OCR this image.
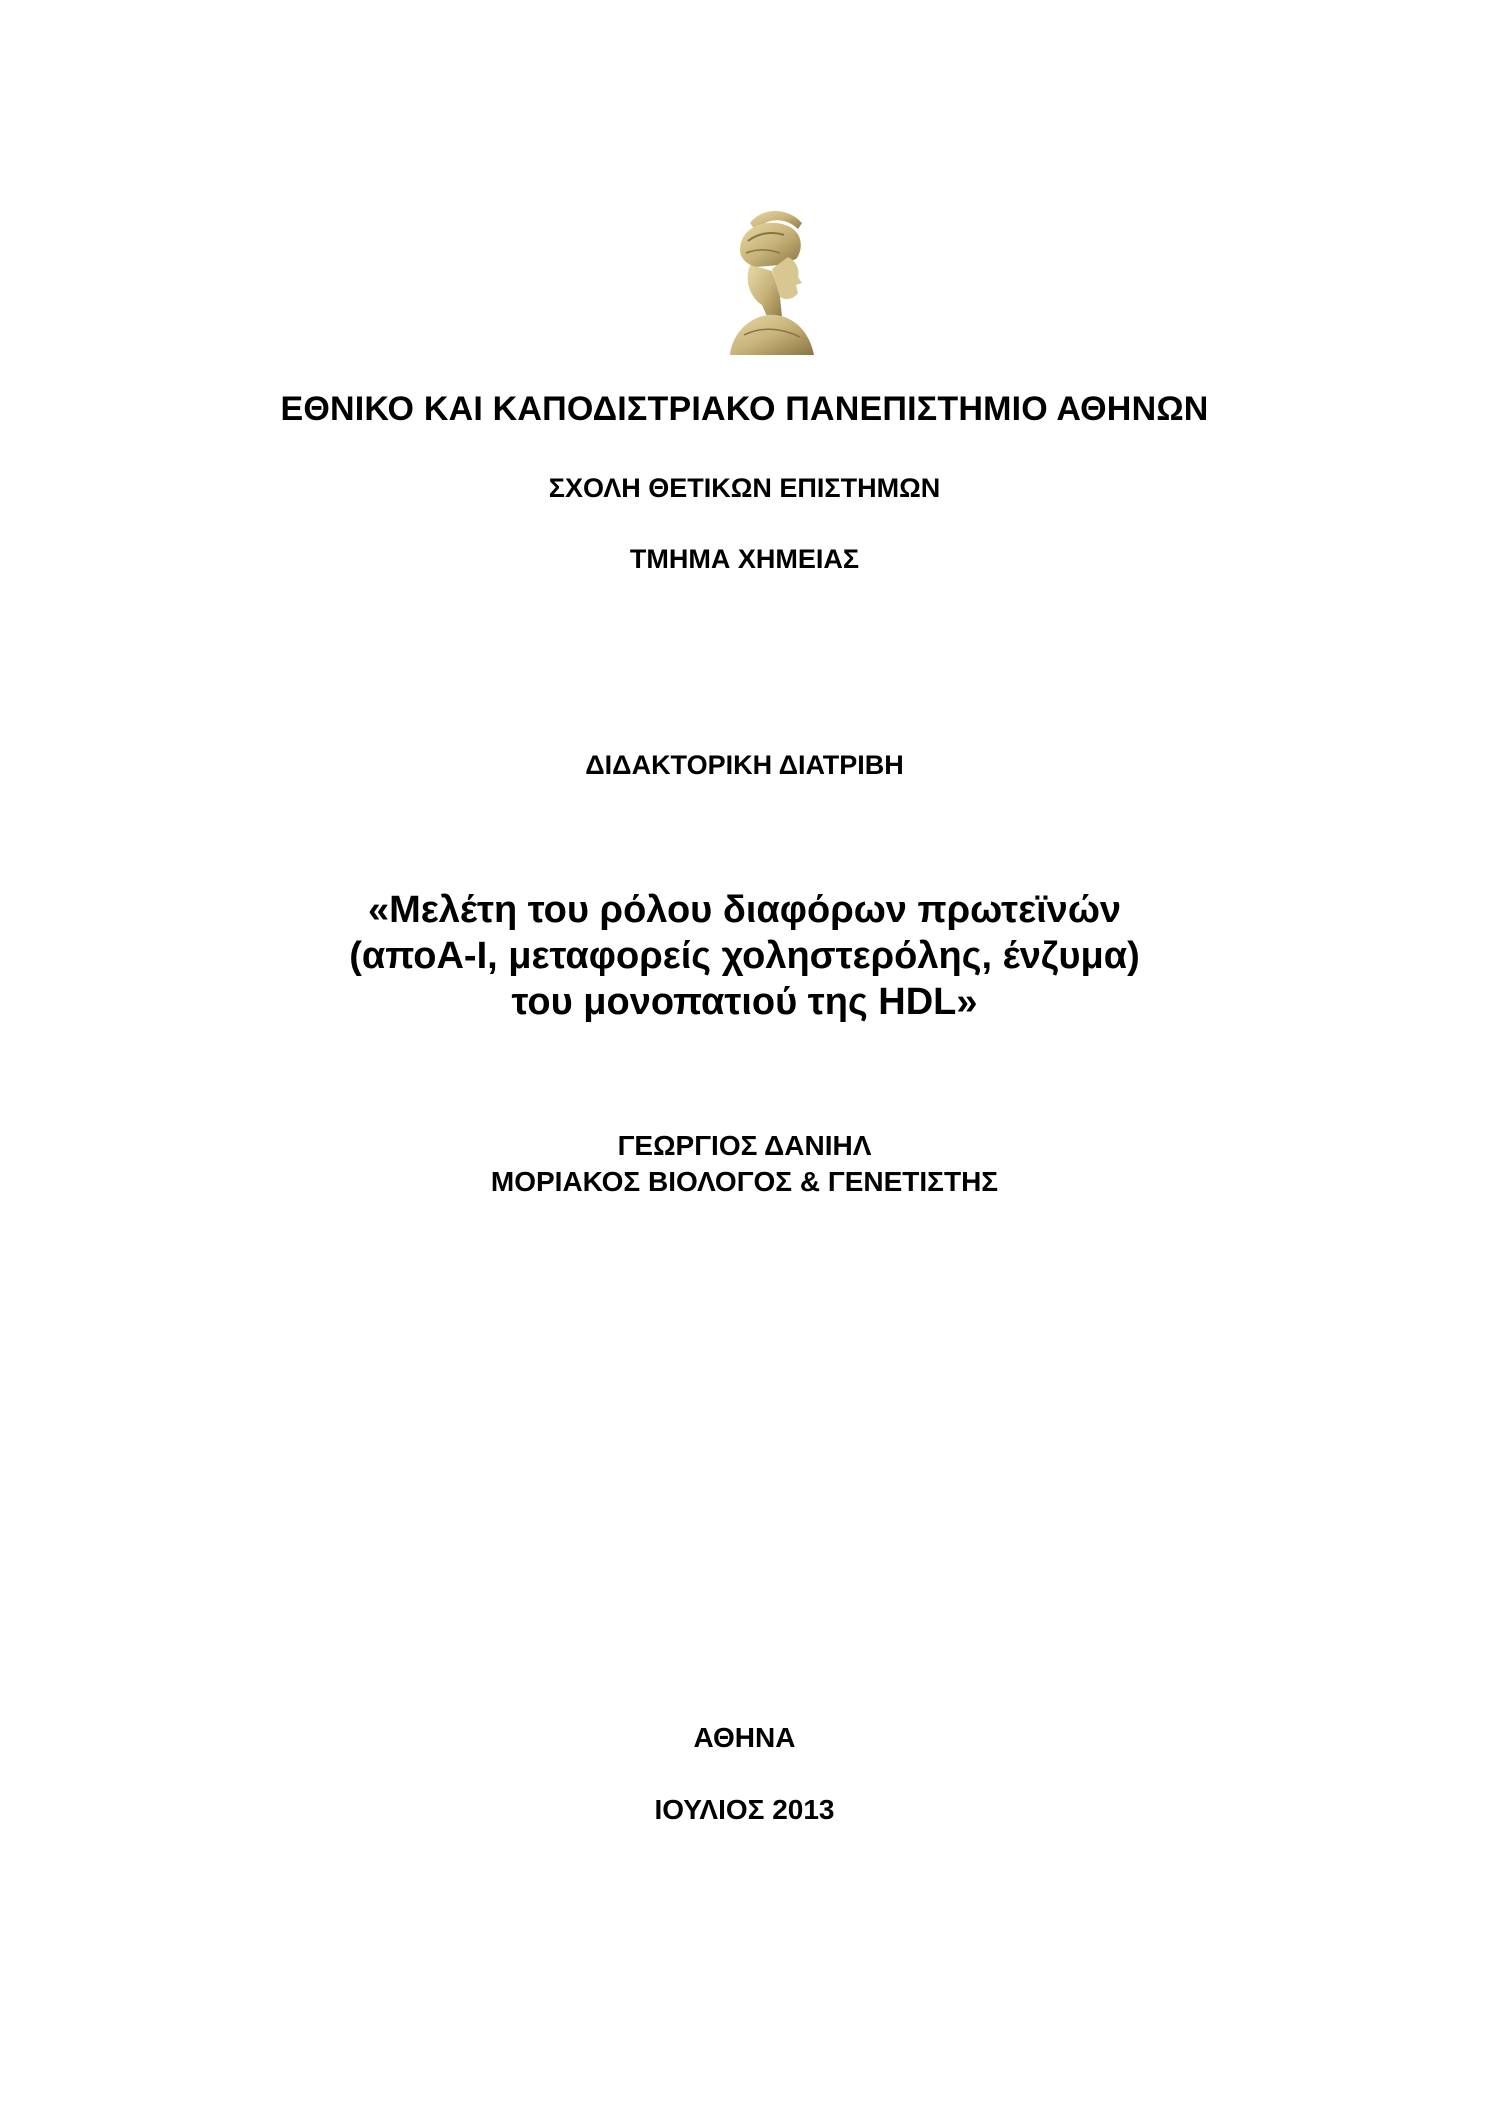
ΕΘΝΙΚΟ ΚΑΙ ΚΑΠΟΔΙΣΤΡΙΑΚΟ ΠΑΝΕΠΙΣΤΗΜΙΟ ΑΘΗΝΩΝ
ΣΧΟΛΗ ΘΕΤΙΚΩΝ ΕΠΙΣΤΗΜΩΝ
ΤΜΗΜΑ ΧΗΜΕΙΑΣ
ΔΙΔΑΚΤΟΡΙΚΗ ΔΙΑΤΡΙΒΗ
«Μελέτη του ρόλου διαφόρων πρωτεϊνών
(αποA-I, μεταφορείς χοληστερόλης, ένζυμα)
του μονοπατιού της HDL»
ΓΕΩΡΓΙΟΣ ΔΑΝΙΗΛ
ΜΟΡΙΑΚΟΣ ΒΙΟΛΟΓΟΣ & ΓΕΝΕΤΙΣΤΗΣ
ΑΘΗΝΑ
ΙΟΥΛΙΟΣ 2013
